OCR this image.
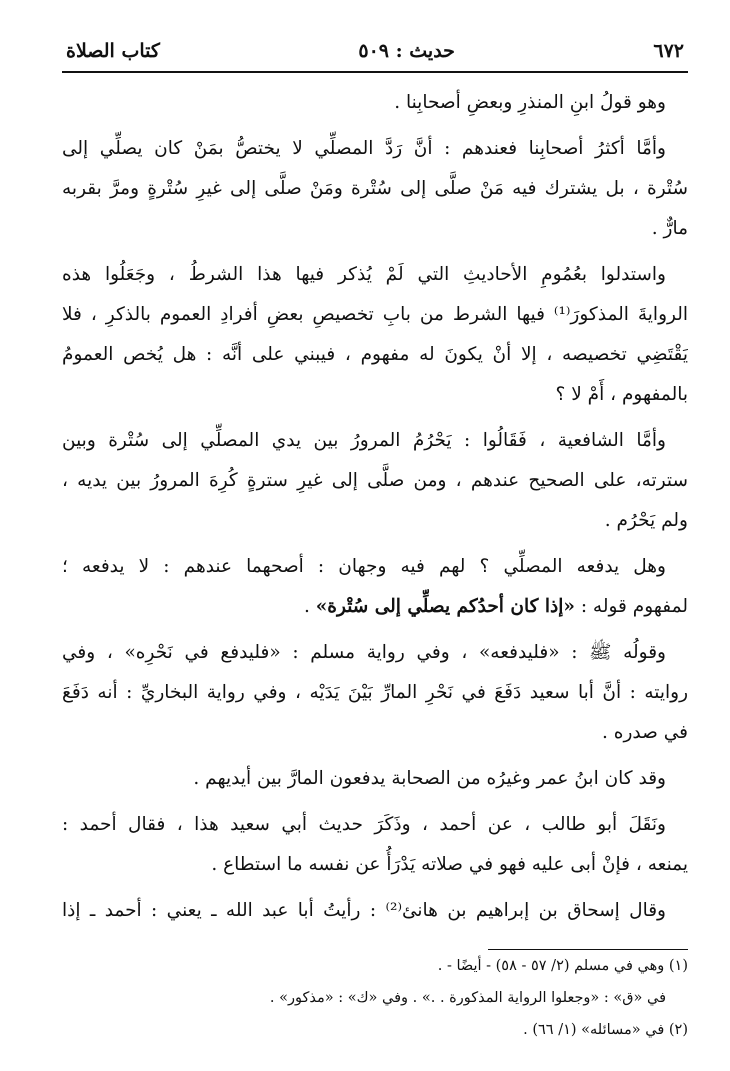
٦٧٢
حديث : ٥٠٩
كتاب الصلاة
وهو قولُ ابنِ المنذرِ وبعضِ أصحابِنا .
وأمَّا أكثرُ أصحابِنا فعندهم : أنَّ رَدَّ المصلِّي لا يختصُّ بمَنْ كان يصلِّي إلى
سُتْرة ، بل يشترك فيه مَنْ صلَّى إلى سُتْرة ومَنْ صلَّى إلى غيرِ سُتْرةٍ ومرَّ بقربه
مارٌّ .
واستدلوا بعُمُومِ الأحاديثِ التي لَمْ يُذكر فيها هذا الشرطُ ، وجَعَلُوا هذه
الروايةَ المذكورَ⁽¹⁾ فيها الشرط من بابِ تخصيصِ بعضِ أفرادِ العموم بالذكرِ ، فلا
يَقْتَضِي تخصيصه ، إلا أنْ يكونَ له مفهوم ، فيبني على أنَّه : هل يُخص العمومُ
بالمفهوم ، أَمْ لا ؟
وأمَّا الشافعية ، فَقَالُوا : يَحْرُمُ المرورُ بين يدي المصلِّي إلى سُتْرة وبين
سترته، على الصحيح عندهم ، ومن صلَّى إلى غيرِ سترةٍ كُرِهَ المرورُ بين يديه ،
ولم يَحْرُم .
وهل يدفعه المصلِّي ؟ لهم فيه وجهان : أصحهما عندهم : لا يدفعه ؛
لمفهوم قوله : «إذا كان أحدُكم يصلِّي إلى سُتْرة» .
وقولُه ﷺ : «فليدفعه» ، وفي رواية مسلم : «فليدفع في نَحْرِه» ، وفي
روايته : أنَّ أبا سعيد دَفَعَ في نَحْرِ المارِّ بَيْنَ يَدَيْه ، وفي رواية البخاريِّ : أنه دَفَعَ
في صدره .
وقد كان ابنُ عمر وغيرُه من الصحابة يدفعون المارَّ بين أيديهم .
ونَقَلَ أبو طالب ، عن أحمد ، وذَكَرَ حديث أبي سعيد هذا ، فقال أحمد :
يمنعه ، فإنْ أبى عليه فهو في صلاته يَدْرَأُ عن نفسه ما استطاع .
وقال إسحاق بن إبراهيم بن هانئ⁽²⁾ : رأيتُ أبا عبد الله ـ يعني : أحمد ـ إذا
(١) وهي في مسلم (٢/ ٥٧ - ٥٨) - أيضًا - .
في «ق» : «وجعلوا الرواية المذكورة . .» . وفي «ك» : «مذكور» .
(٢) في «مسائله» (١/ ٦٦) .
